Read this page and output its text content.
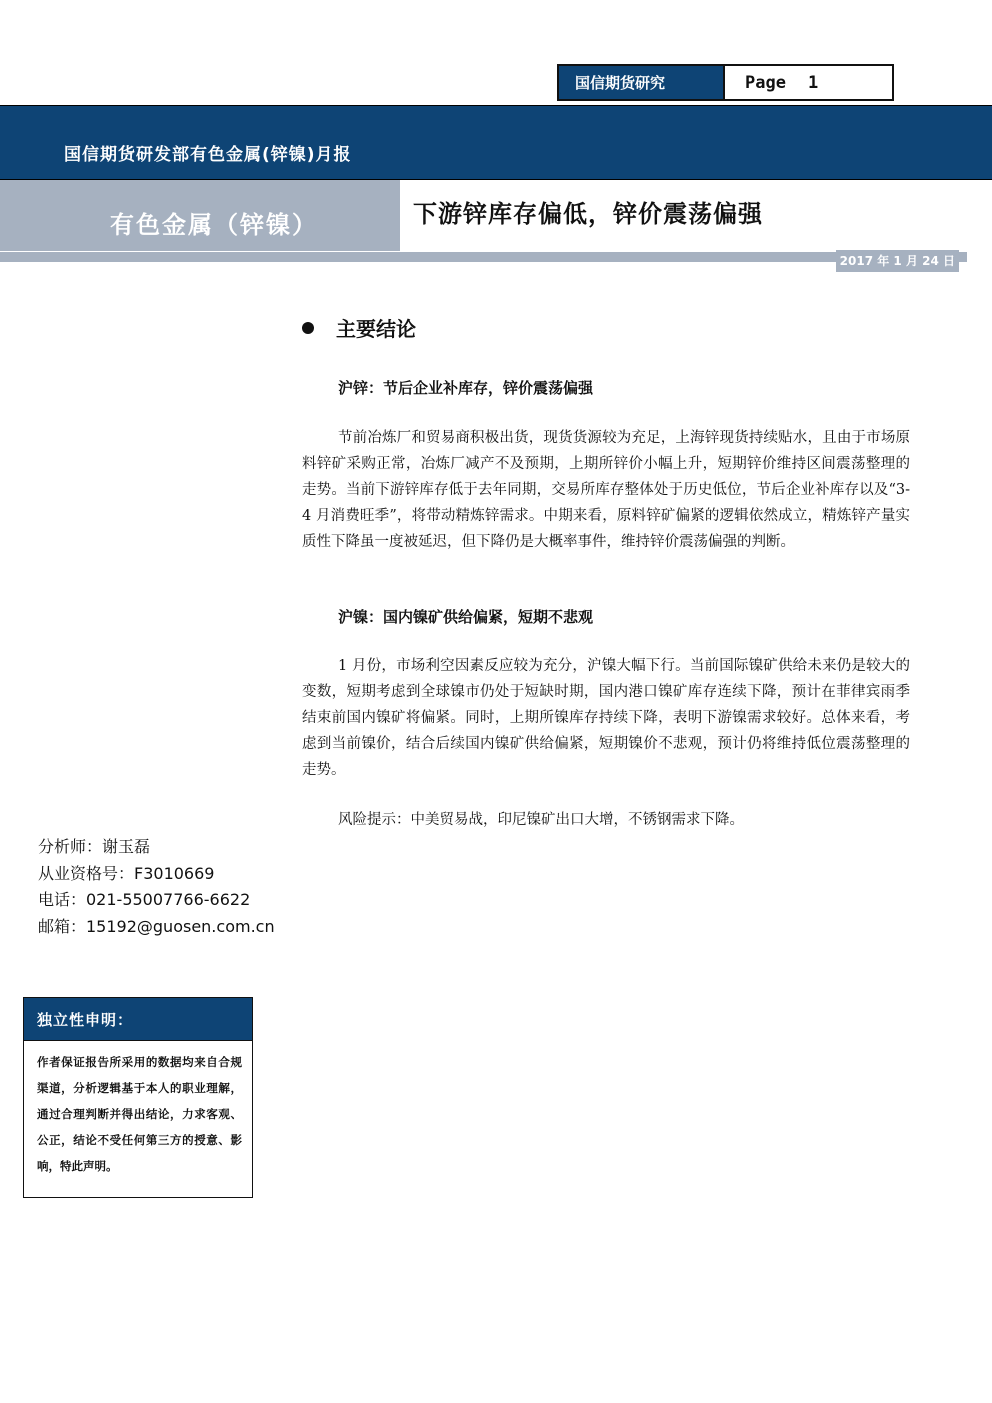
国信期货研究	Page 1
国信期货研发部有色金属(锌镍)月报
有色金属（锌镍）	下游锌库存偏低，锌价震荡偏强
2017 年 1 月 24 日
主要结论
沪锌：节后企业补库存，锌价震荡偏强

节前冶炼厂和贸易商积极出货，现货货源较为充足，上海锌现货持续贴水，且由于市场原料锌矿采购正常，冶炼厂减产不及预期，上期所锌价小幅上升，短期锌价维持区间震荡整理的走势。当前下游锌库存低于去年同期，交易所库存整体处于历史低位，节后企业补库存以及“3-4 月消费旺季”，将带动精炼锌需求。中期来看，原料锌矿偏紧的逻辑依然成立，精炼锌产量实质性下降虽一度被延迟，但下降仍是大概率事件，维持锌价震荡偏强的判断。

沪镍：国内镍矿供给偏紧，短期不悲观

1 月份，市场利空因素反应较为充分，沪镍大幅下行。当前国际镍矿供给未来仍是较大的变数，短期考虑到全球镍市仍处于短缺时期，国内港口镍矿库存连续下降，预计在菲律宾雨季结束前国内镍矿将偏紧。同时，上期所镍库存持续下降，表明下游镍需求较好。总体来看，考虑到当前镍价，结合后续国内镍矿供给偏紧，短期镍价不悲观，预计仍将维持低位震荡整理的走势。

风险提示：中美贸易战，印尼镍矿出口大增，不锈钢需求下降。
分析师：谢玉磊
从业资格号：F3010669
电话：021-55007766-6622
邮箱：15192@guosen.com.cn
独立性申明：
作者保证报告所采用的数据均来自合规渠道，分析逻辑基于本人的职业理解，通过合理判断并得出结论，力求客观、公正，结论不受任何第三方的授意、影响，特此声明。
